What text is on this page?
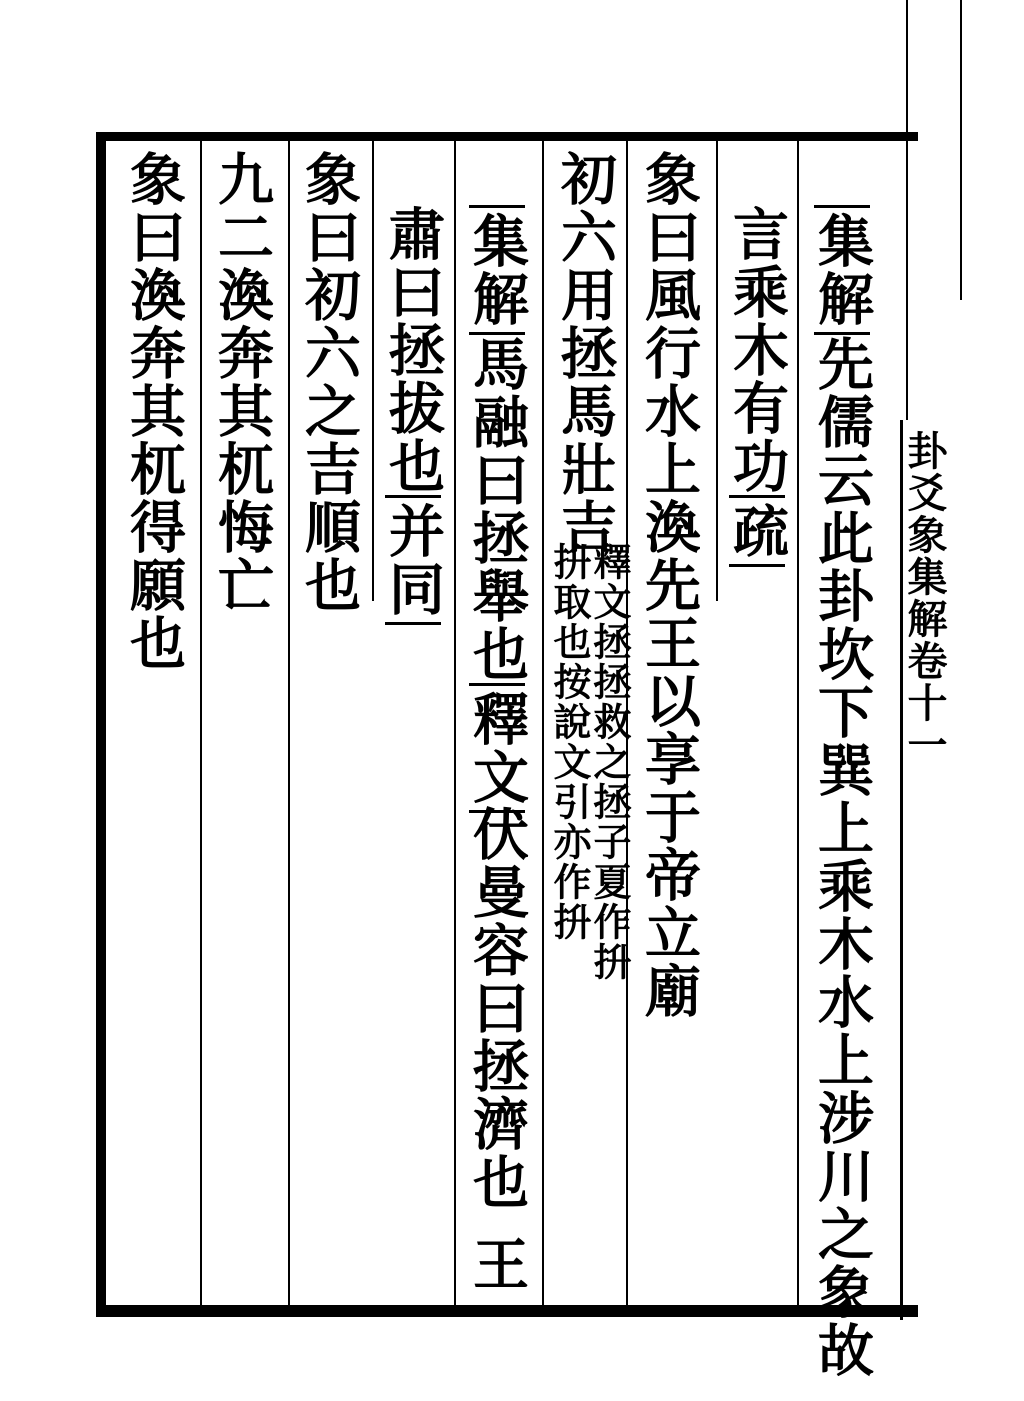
卦爻象集解卷十一
集解先儒云此卦坎下巽上乘木水上涉川之象故
言乘木有功疏
象曰風行水上渙先王以享于帝立廟
初六用拯馬壯吉
釋文拯拯救之拯子夏作抍
抍取也按說文引亦作抍
集解馬融曰拯舉也釋文
伏曼容曰拯濟也
王
肅曰拯拔也并同
象曰初六之吉順也
九二渙奔其杌悔亡
象曰渙奔其杌得願也
